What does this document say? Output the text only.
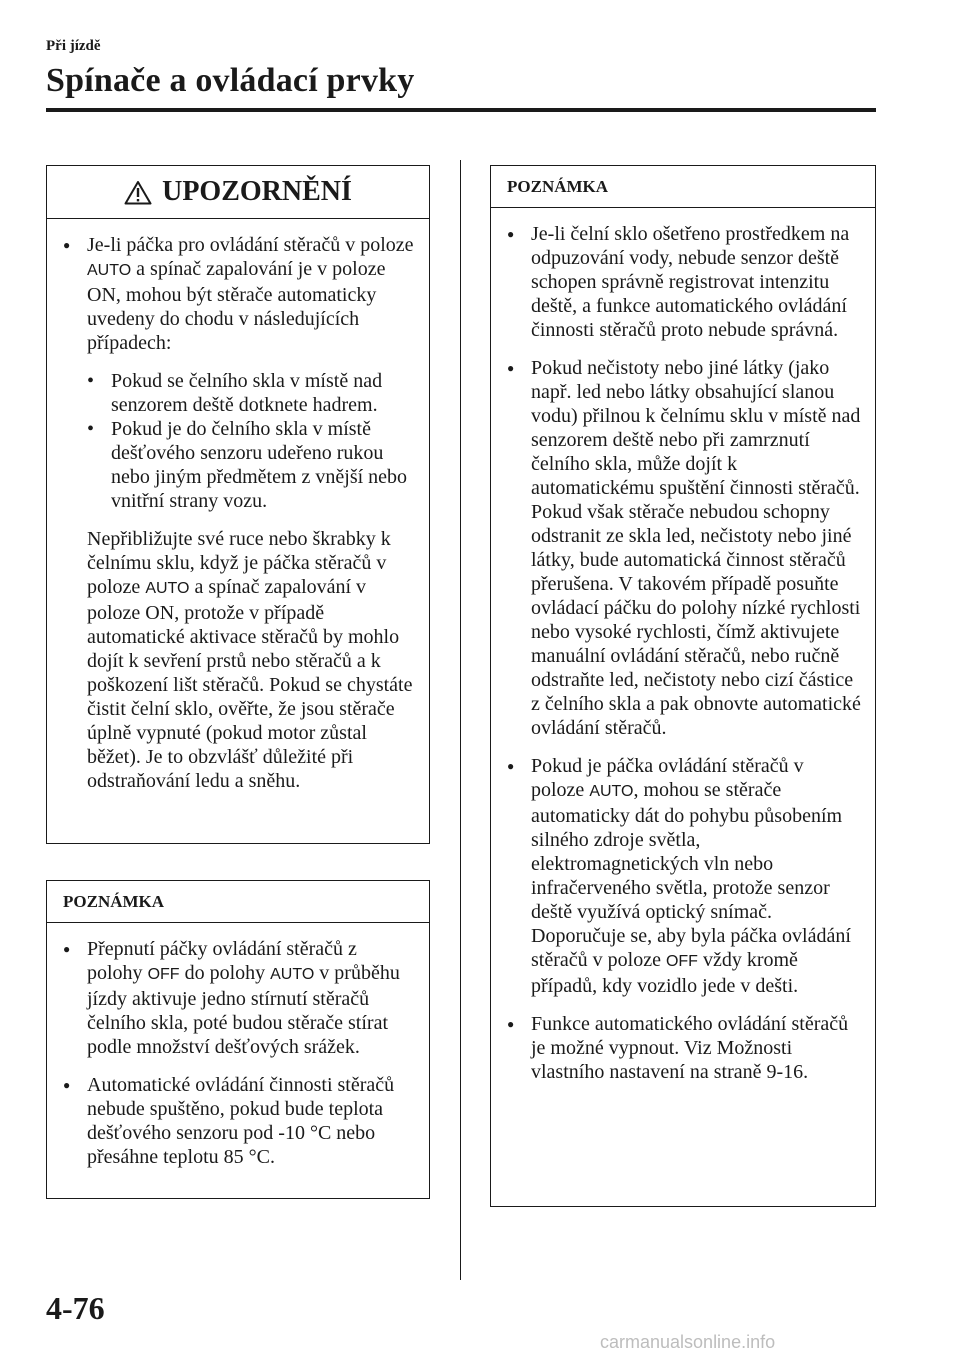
Při jízdě
Spínače a ovládací prvky
UPOZORNĚNÍ
●
Je-li páčka pro ovládání stěračů v poloze AUTO a spínač zapalování je v poloze ON, mohou být stěrače automaticky uvedeny do chodu v následujících případech:
•
Pokud se čelního skla v místě nad senzorem deště dotknete hadrem.
•
Pokud je do čelního skla v místě dešťového senzoru udeřeno rukou nebo jiným předmětem z vnější nebo vnitřní strany vozu.
Nepřibližujte své ruce nebo škrabky k čelnímu sklu, když je páčka stěračů v poloze AUTO a spínač zapalování v poloze ON, protože v případě automatické aktivace stěračů by mohlo dojít k sevření prstů nebo stěračů a k poškození lišt stěračů. Pokud se chystáte čistit čelní sklo, ověřte, že jsou stěrače úplně vypnuté (pokud motor zůstal běžet). Je to obzvlášť důležité při odstraňování ledu a sněhu.
POZNÁMKA
●
Přepnutí páčky ovládání stěračů z polohy OFF do polohy AUTO v průběhu jízdy aktivuje jedno stírnutí stěračů čelního skla, poté budou stěrače stírat podle množství dešťových srážek.
●
Automatické ovládání činnosti stěračů nebude spuštěno, pokud bude teplota dešťového senzoru pod -10 °C nebo přesáhne teplotu 85 °C.
POZNÁMKA
●
Je-li čelní sklo ošetřeno prostředkem na odpuzování vody, nebude senzor deště schopen správně registrovat intenzitu deště, a funkce automatického ovládání činnosti stěračů proto nebude správná.
●
Pokud nečistoty nebo jiné látky (jako např. led nebo látky obsahující slanou vodu) přilnou k čelnímu sklu v místě nad senzorem deště nebo při zamrznutí čelního skla, může dojít k automatickému spuštění činnosti stěračů. Pokud však stěrače nebudou schopny odstranit ze skla led, nečistoty nebo jiné látky, bude automatická činnost stěračů přerušena. V takovém případě posuňte ovládací páčku do polohy nízké rychlosti nebo vysoké rychlosti, čímž aktivujete manuální ovládání stěračů, nebo ručně odstraňte led, nečistoty nebo cizí částice z čelního skla a pak obnovte automatické ovládání stěračů.
●
Pokud je páčka ovládání stěračů v poloze AUTO, mohou se stěrače automaticky dát do pohybu působením silného zdroje světla, elektromagnetických vln nebo infračerveného světla, protože senzor deště využívá optický snímač. Doporučuje se, aby byla páčka ovládání stěračů v poloze OFF vždy kromě případů, kdy vozidlo jede v dešti.
●
Funkce automatického ovládání stěračů je možné vypnout. Viz Možnosti vlastního nastavení na straně 9-16.
4-76
carmanualsonline.info
